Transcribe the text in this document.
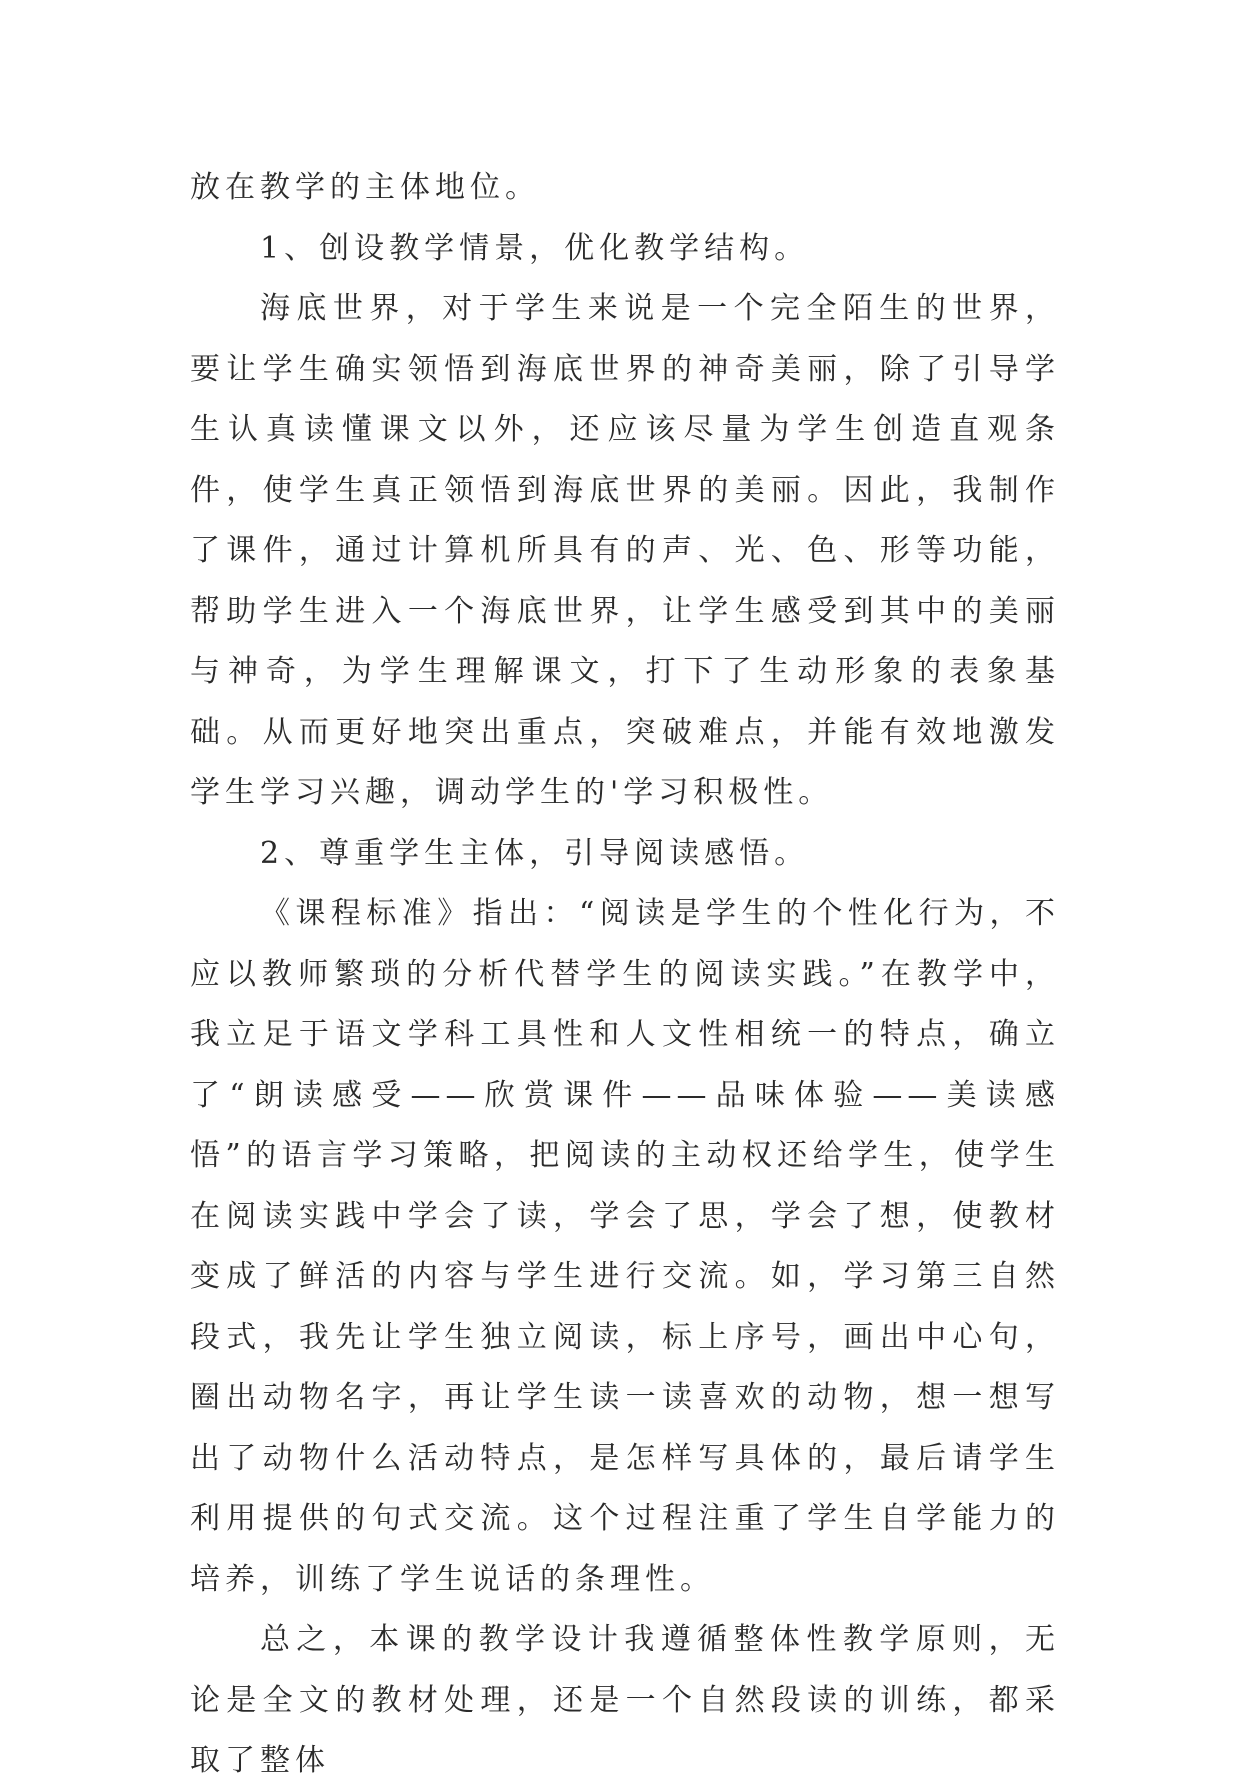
放在教学的主体地位。

1、创设教学情景，优化教学结构。

海底世界，对于学生来说是一个完全陌生的世界，要让学生确实领悟到海底世界的神奇美丽，除了引导学生认真读懂课文以外，还应该尽量为学生创造直观条件，使学生真正领悟到海底世界的美丽。因此，我制作了课件，通过计算机所具有的声、光、色、形等功能，帮助学生进入一个海底世界，让学生感受到其中的美丽与神奇，为学生理解课文，打下了生动形象的表象基础。从而更好地突出重点，突破难点，并能有效地激发学生学习兴趣，调动学生的'学习积极性。

2、尊重学生主体，引导阅读感悟。

《课程标准》指出：“阅读是学生的个性化行为，不应以教师繁琐的分析代替学生的阅读实践。”在教学中，我立足于语文学科工具性和人文性相统一的特点，确立了“朗读感受——欣赏课件——品味体验——美读感悟”的语言学习策略，把阅读的主动权还给学生，使学生在阅读实践中学会了读，学会了思，学会了想，使教材变成了鲜活的内容与学生进行交流。如，学习第三自然段式，我先让学生独立阅读，标上序号，画出中心句，圈出动物名字，再让学生读一读喜欢的动物，想一想写出了动物什么活动特点，是怎样写具体的，最后请学生利用提供的句式交流。这个过程注重了学生自学能力的培养，训练了学生说话的条理性。

总之，本课的教学设计我遵循整体性教学原则，无论是全文的教材处理，还是一个自然段读的训练，都采取了整体
